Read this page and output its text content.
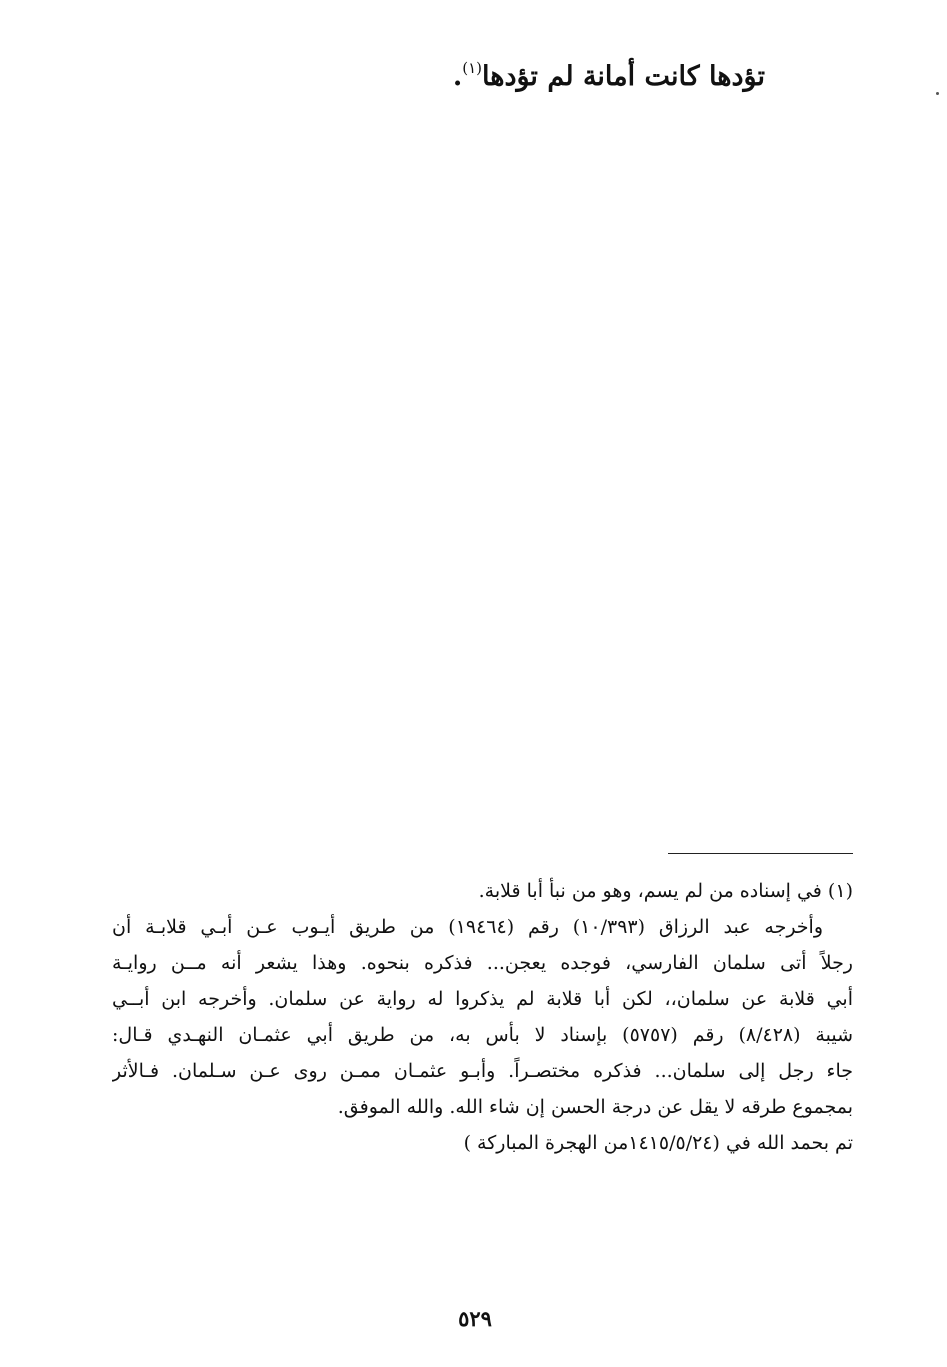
تؤدها كانت أمانة لم تؤدها$^{(١)}$.
(١) في إسناده من لم يسم، وهو من نبأ أبا قلابة.
وأخرجه عبد الرزاق (١٠/٣٩٣) رقم (١٩٤٦٤) من طريق أيـوب عـن أبـي قلابـة أن
رجلاً أتى سلمان الفارسي، فوجده يعجن... فذكره بنحوه. وهذا يشعر أنه مــن روايـة
أبي قلابة عن سلمان،، لكن أبا قلابة لم يذكروا له رواية عن سلمان. وأخرجه ابن أبــي
شيبة (٨/٤٢٨) رقم (٥٧٥٧) بإسناد لا بأس به، من طريق أبي عثمـان النهـدي قـال:
جاء رجل إلى سلمان... فذكره مختصـراً. وأبـو عثمـان ممـن روى عـن سـلمان. فـالأثر
بمجموع طرقه لا يقل عن درجة الحسن إن شاء الله. والله الموفق.
تم بحمد الله في (١٤١٥/٥/٢٤من الهجرة المباركة )
٥٢٩
